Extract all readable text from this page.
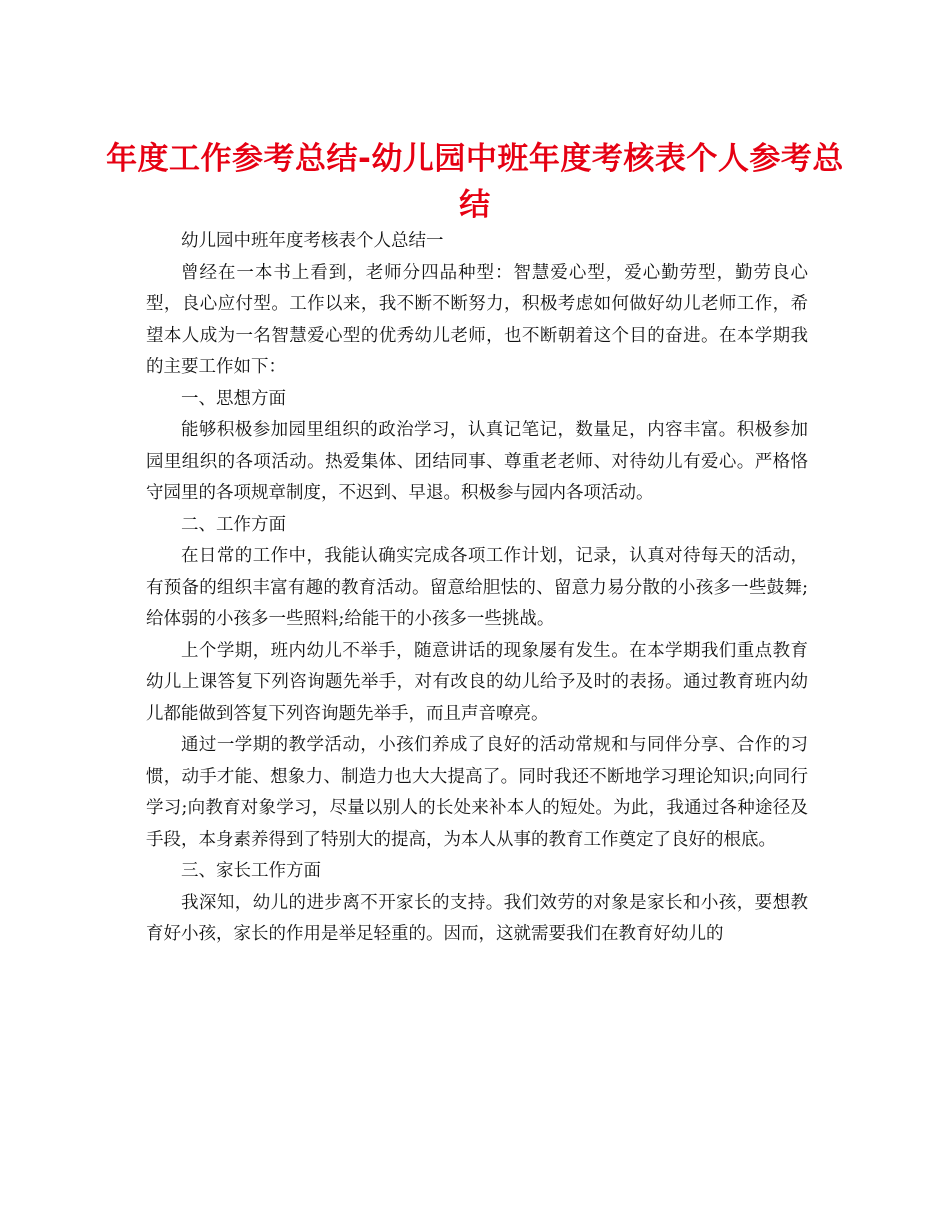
年度工作参考总结-幼儿园中班年度考核表个人参考总结

幼儿园中班年度考核表个人总结一

曾经在一本书上看到，老师分四品种型：智慧爱心型，爱心勤劳型，勤劳良心型，良心应付型。工作以来，我不断不断努力，积极考虑如何做好幼儿老师工作，希望本人成为一名智慧爱心型的优秀幼儿老师，也不断朝着这个目的奋进。在本学期我的主要工作如下：

一、思想方面

能够积极参加园里组织的政治学习，认真记笔记，数量足，内容丰富。积极参加园里组织的各项活动。热爱集体、团结同事、尊重老老师、对待幼儿有爱心。严格恪守园里的各项规章制度，不迟到、早退。积极参与园内各项活动。

二、工作方面

在日常的工作中，我能认确实完成各项工作计划，记录，认真对待每天的活动，有预备的组织丰富有趣的教育活动。留意给胆怯的、留意力易分散的小孩多一些鼓舞;给体弱的小孩多一些照料;给能干的小孩多一些挑战。

上个学期，班内幼儿不举手，随意讲话的现象屡有发生。在本学期我们重点教育幼儿上课答复下列咨询题先举手，对有改良的幼儿给予及时的表扬。通过教育班内幼儿都能做到答复下列咨询题先举手，而且声音嘹亮。

通过一学期的教学活动，小孩们养成了良好的活动常规和与同伴分享、合作的习惯，动手才能、想象力、制造力也大大提高了。同时我还不断地学习理论知识;向同行学习;向教育对象学习，尽量以别人的长处来补本人的短处。为此，我通过各种途径及手段，本身素养得到了特别大的提高，为本人从事的教育工作奠定了良好的根底。

三、家长工作方面

我深知，幼儿的进步离不开家长的支持。我们效劳的对象是家长和小孩，要想教育好小孩，家长的作用是举足轻重的。因而，这就需要我们在教育好幼儿的
